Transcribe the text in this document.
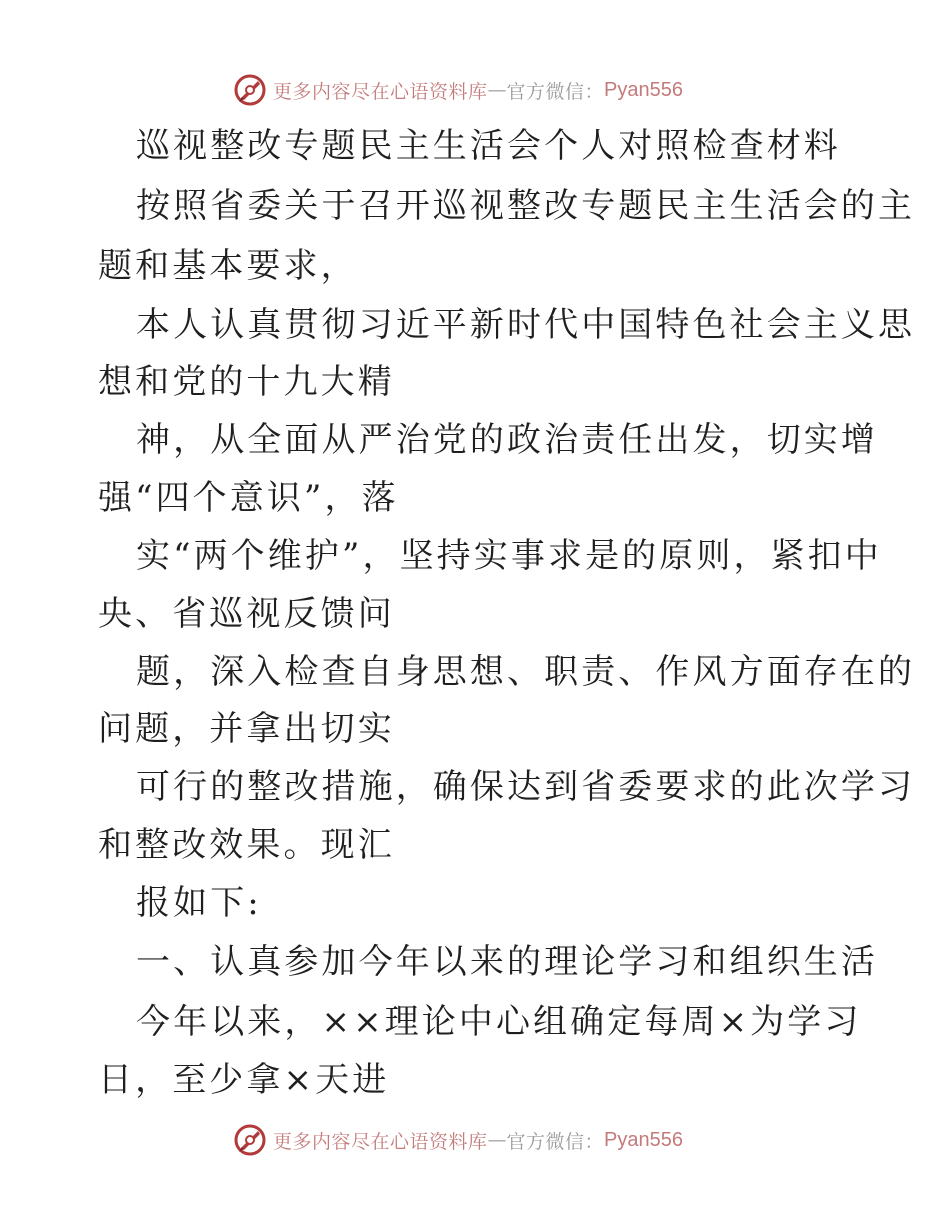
更多内容尽在心语资料库 — 官方微信： Pyan556
巡视整改专题民主生活会个人对照检查材料
按照省委关于召开巡视整改专题民主生活会的主
题和基本要求，
本人认真贯彻习近平新时代中国特色社会主义思
想和党的十九大精
神，从全面从严治党的政治责任出发，切实增
强“四个意识”，落
实“两个维护”，坚持实事求是的原则，紧扣中
央、省巡视反馈问
题，深入检查自身思想、职责、作风方面存在的
问题，并拿出切实
可行的整改措施，确保达到省委要求的此次学习
和整改效果。现汇
报如下:
一、认真参加今年以来的理论学习和组织生活
今年以来，××理论中心组确定每周×为学习
日，至少拿×天进
更多内容尽在心语资料库 — 官方微信： Pyan556
